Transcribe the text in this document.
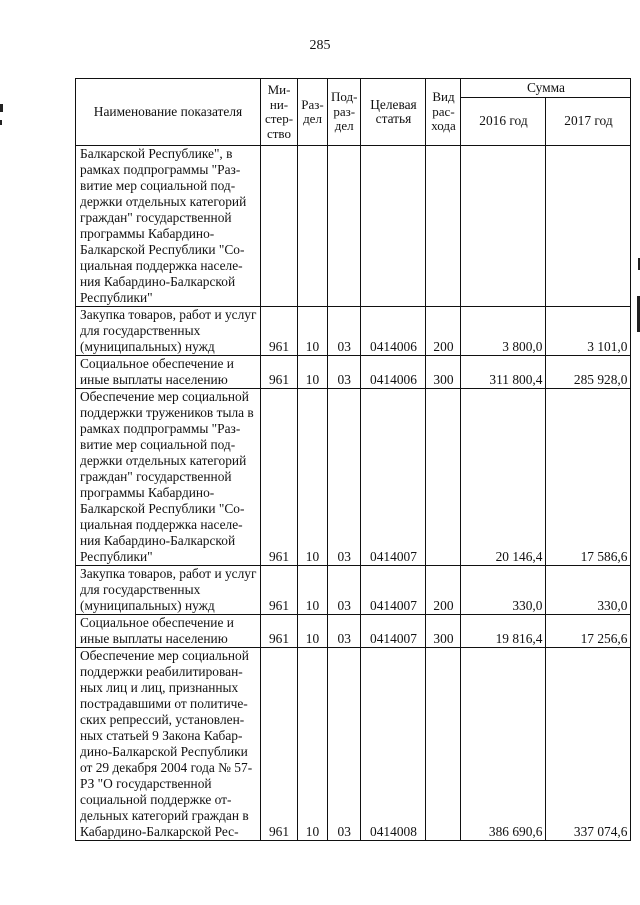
285
Наименование показателя	Ми-
ни-
стер-
ство	Раз-
дел	Под-
раз-
дел	Целевая
статья	Вид
рас-
хода	Сумма	
						2016 год	2017 год
Балкарской Республике", в рамках подпрограммы "Раз-витие мер социальной под-держки отдельных категорий граждан" государственной программы Кабардино-Балкарской Республики "Со-циальная поддержка населе-ния Кабардино-Балкарской Республики"							
Закупка товаров, работ и услуг для государственных (муниципальных) нужд	961	10	03	0414006	200	3 800,0	3 101,0
Социальное обеспечение и иные выплаты населению	961	10	03	0414006	300	311 800,4	285 928,0
Обеспечение мер социальной поддержки тружеников тыла в рамках подпрограммы "Раз-витие мер социальной под-держки отдельных категорий граждан" государственной программы Кабардино-Балкарской Республики "Со-циальная поддержка населе-ния Кабардино-Балкарской Республики"	961	10	03	0414007		20 146,4	17 586,6
Закупка товаров, работ и услуг для государственных (муниципальных) нужд	961	10	03	0414007	200	330,0	330,0
Социальное обеспечение и иные выплаты населению	961	10	03	0414007	300	19 816,4	17 256,6
Обеспечение мер социальной поддержки реабилитирован-ных лиц и лиц, признанных пострадавшими от политиче-ских репрессий, установлен-ных статьей 9 Закона Кабар-дино-Балкарской Республики от 29 декабря 2004 года № 57-РЗ "О государственной социальной поддержке от-дельных категорий граждан в Кабардино-Балкарской Рес-	961	10	03	0414008		386 690,6	337 074,6
